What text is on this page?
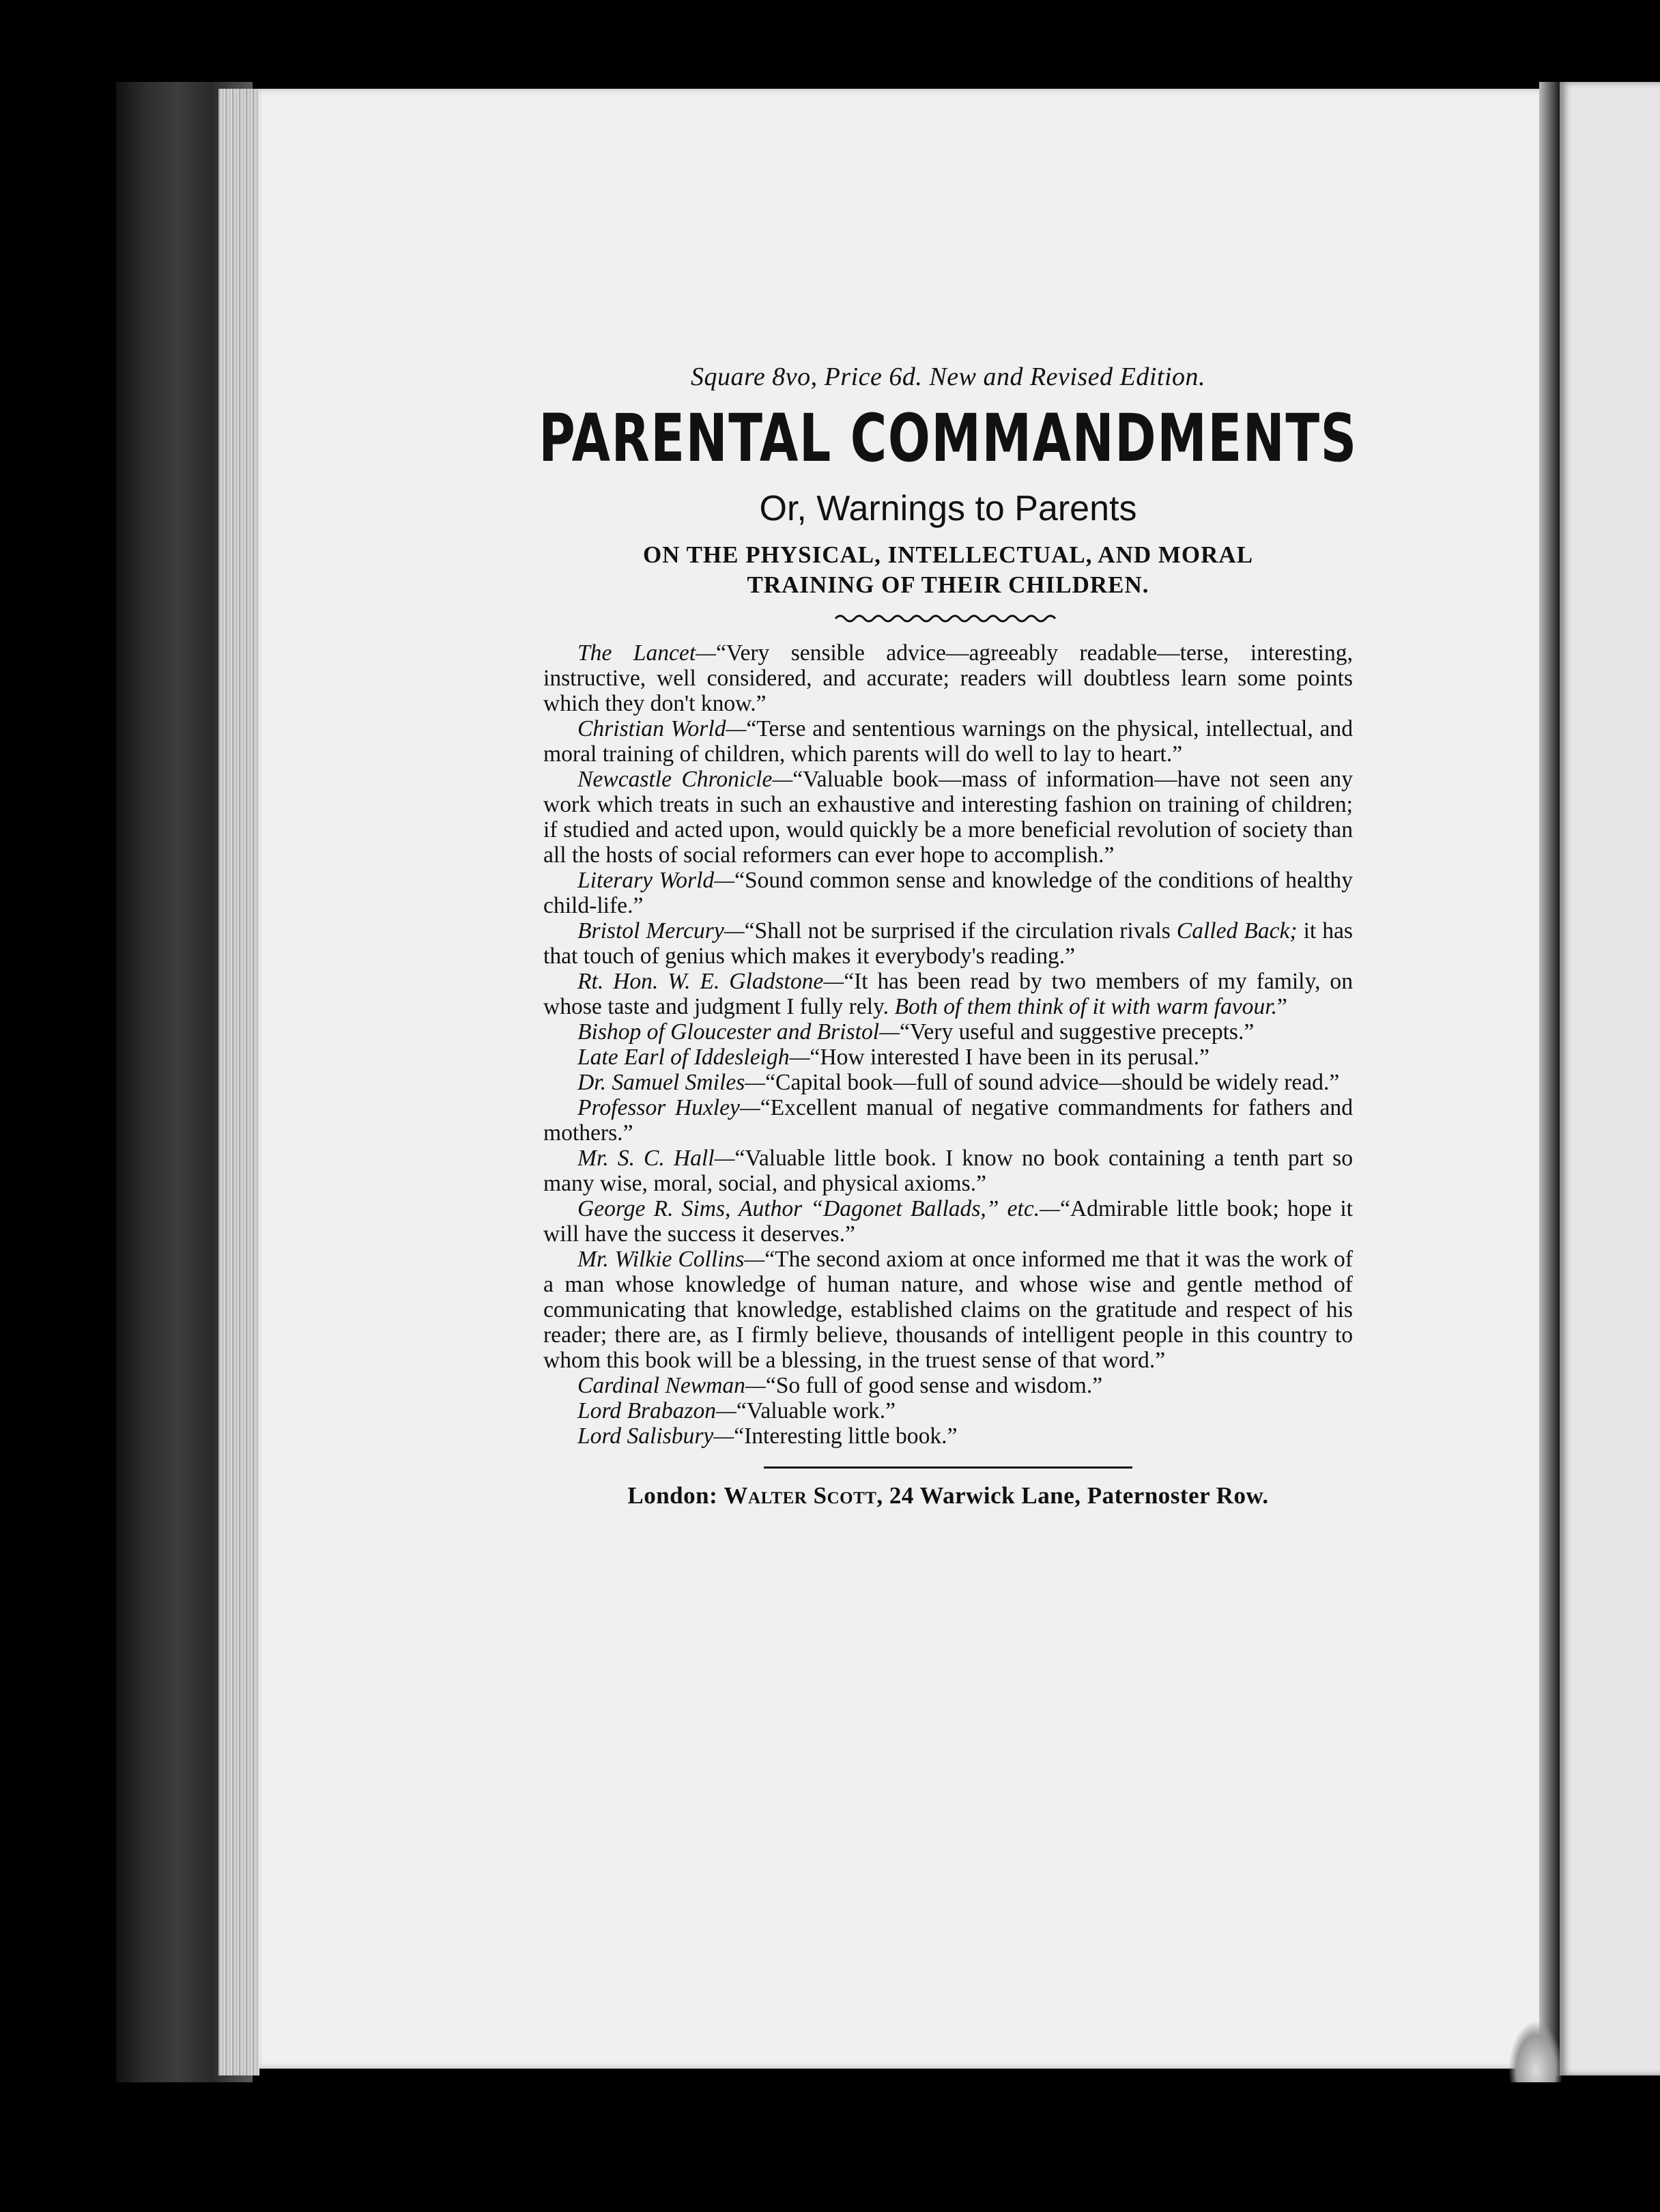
Square 8vo, Price 6d. New and Revised Edition.

PARENTAL COMMANDMENTS
Or, Warnings to Parents
ON THE PHYSICAL, INTELLECTUAL, AND MORAL
TRAINING OF THEIR CHILDREN.

The Lancet—“Very sensible advice—agreeably readable—terse, interesting, instructive, well considered, and accurate; readers will doubtless learn some points which they don't know.”

Christian World—“Terse and sententious warnings on the physical, intellectual, and moral training of children, which parents will do well to lay to heart.”

Newcastle Chronicle—“Valuable book—mass of information—have not seen any work which treats in such an exhaustive and interesting fashion on training of children; if studied and acted upon, would quickly be a more beneficial revolution of society than all the hosts of social reformers can ever hope to accomplish.”

Literary World—“Sound common sense and knowledge of the conditions of healthy child-life.”

Bristol Mercury—“Shall not be surprised if the circulation rivals Called Back; it has that touch of genius which makes it everybody's reading.”

Rt. Hon. W. E. Gladstone—“It has been read by two members of my family, on whose taste and judgment I fully rely. Both of them think of it with warm favour.”

Bishop of Gloucester and Bristol—“Very useful and suggestive precepts.”

Late Earl of Iddesleigh—“How interested I have been in its perusal.”

Dr. Samuel Smiles—“Capital book—full of sound advice—should be widely read.”

Professor Huxley—“Excellent manual of negative commandments for fathers and mothers.”

Mr. S. C. Hall—“Valuable little book. I know no book containing a tenth part so many wise, moral, social, and physical axioms.”

George R. Sims, Author “Dagonet Ballads,” etc.—“Admirable little book; hope it will have the success it deserves.”

Mr. Wilkie Collins—“The second axiom at once informed me that it was the work of a man whose knowledge of human nature, and whose wise and gentle method of communicating that knowledge, established claims on the gratitude and respect of his reader; there are, as I firmly believe, thousands of intelligent people in this country to whom this book will be a blessing, in the truest sense of that word.”

Cardinal Newman—“So full of good sense and wisdom.”

Lord Brabazon—“Valuable work.”

Lord Salisbury—“Interesting little book.”

London: Walter Scott, 24 Warwick Lane, Paternoster Row.
